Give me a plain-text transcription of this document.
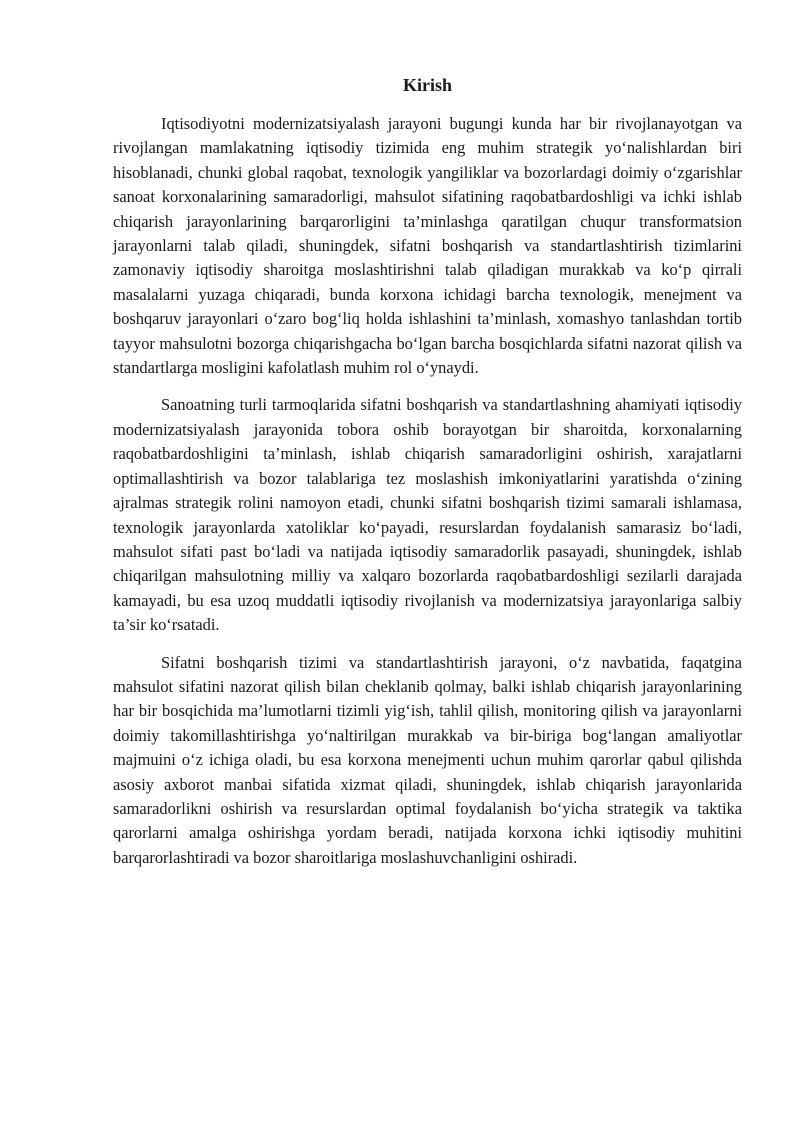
Kirish

Iqtisodiyotni modernizatsiyalash jarayoni bugungi kunda har bir rivojlanayotgan va rivojlangan mamlakatning iqtisodiy tizimida eng muhim strategik yo‘nalishlardan biri hisoblanadi, chunki global raqobat, texnologik yangiliklar va bozorlardagi doimiy o‘zgarishlar sanoat korxonalarining samaradorligi, mahsulot sifatining raqobatbardoshligi va ichki ishlab chiqarish jarayonlarining barqarorligini ta’minlashga qaratilgan chuqur transformatsion jarayonlarni talab qiladi, shuningdek, sifatni boshqarish va standartlashtirish tizimlarini zamonaviy iqtisodiy sharoitga moslashtirishni talab qiladigan murakkab va ko‘p qirrali masalalarni yuzaga chiqaradi, bunda korxona ichidagi barcha texnologik, menejment va boshqaruv jarayonlari o‘zaro bog‘liq holda ishlashini ta’minlash, xomashyo tanlashdan tortib tayyor mahsulotni bozorga chiqarishgacha bo‘lgan barcha bosqichlarda sifatni nazorat qilish va standartlarga mosligini kafolatlash muhim rol o‘ynaydi.

Sanoatning turli tarmoqlarida sifatni boshqarish va standartlashning ahamiyati iqtisodiy modernizatsiyalash jarayonida tobora oshib borayotgan bir sharoitda, korxonalarning raqobatbardoshligini ta’minlash, ishlab chiqarish samaradorligini oshirish, xarajatlarni optimallashtirish va bozor talablariga tez moslashish imkoniyatlarini yaratishda o‘zining ajralmas strategik rolini namoyon etadi, chunki sifatni boshqarish tizimi samarali ishlamasa, texnologik jarayonlarda xatoliklar ko‘payadi, resurslardan foydalanish samarasiz bo‘ladi, mahsulot sifati past bo‘ladi va natijada iqtisodiy samaradorlik pasayadi, shuningdek, ishlab chiqarilgan mahsulotning milliy va xalqaro bozorlarda raqobatbardoshligi sezilarli darajada kamayadi, bu esa uzoq muddatli iqtisodiy rivojlanish va modernizatsiya jarayonlariga salbiy ta’sir ko‘rsatadi.

Sifatni boshqarish tizimi va standartlashtirish jarayoni, o‘z navbatida, faqatgina mahsulot sifatini nazorat qilish bilan cheklanib qolmay, balki ishlab chiqarish jarayonlarining har bir bosqichida ma’lumotlarni tizimli yig‘ish, tahlil qilish, monitoring qilish va jarayonlarni doimiy takomillashtirishga yo‘naltirilgan murakkab va bir-biriga bog‘langan amaliyotlar majmuini o‘z ichiga oladi, bu esa korxona menejmenti uchun muhim qarorlar qabul qilishda asosiy axborot manbai sifatida xizmat qiladi, shuningdek, ishlab chiqarish jarayonlarida samaradorlikni oshirish va resurslardan optimal foydalanish bo‘yicha strategik va taktika qarorlarni amalga oshirishga yordam beradi, natijada korxona ichki iqtisodiy muhitini barqarorlashtiradi va bozor sharoitlariga moslashuvchanligini oshiradi.
